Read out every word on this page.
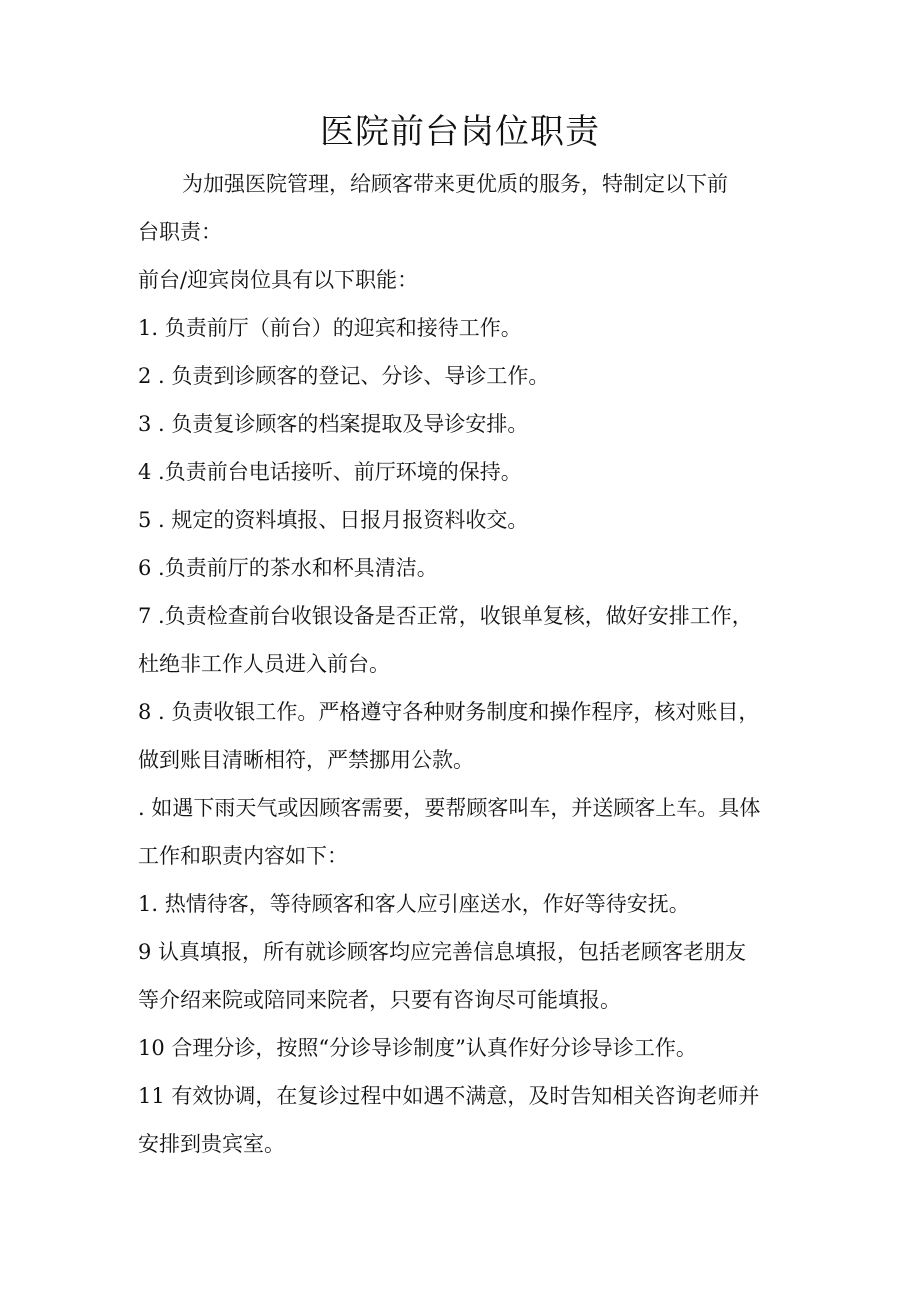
医院前台岗位职责
为加强医院管理，给顾客带来更优质的服务，特制定以下前
台职责：
前台/迎宾岗位具有以下职能：
1. 负责前厅（前台）的迎宾和接待工作。
2 . 负责到诊顾客的登记、分诊、导诊工作。
3 . 负责复诊顾客的档案提取及导诊安排。
4 .负责前台电话接听、前厅环境的保持。
5 . 规定的资料填报、日报月报资料收交。
6 .负责前厅的茶水和杯具清洁。
7 .负责检查前台收银设备是否正常，收银单复核，做好安排工作，
杜绝非工作人员进入前台。
8 . 负责收银工作。严格遵守各种财务制度和操作程序，核对账目，
做到账目清晰相符，严禁挪用公款。
. 如遇下雨天气或因顾客需要，要帮顾客叫车，并送顾客上车。具体
工作和职责内容如下：
1. 热情待客，等待顾客和客人应引座送水，作好等待安抚。
9 认真填报，所有就诊顾客均应完善信息填报，包括老顾客老朋友
等介绍来院或陪同来院者，只要有咨询尽可能填报。
10 合理分诊，按照“分诊导诊制度”认真作好分诊导诊工作。
11 有效协调，在复诊过程中如遇不满意，及时告知相关咨询老师并
安排到贵宾室。
